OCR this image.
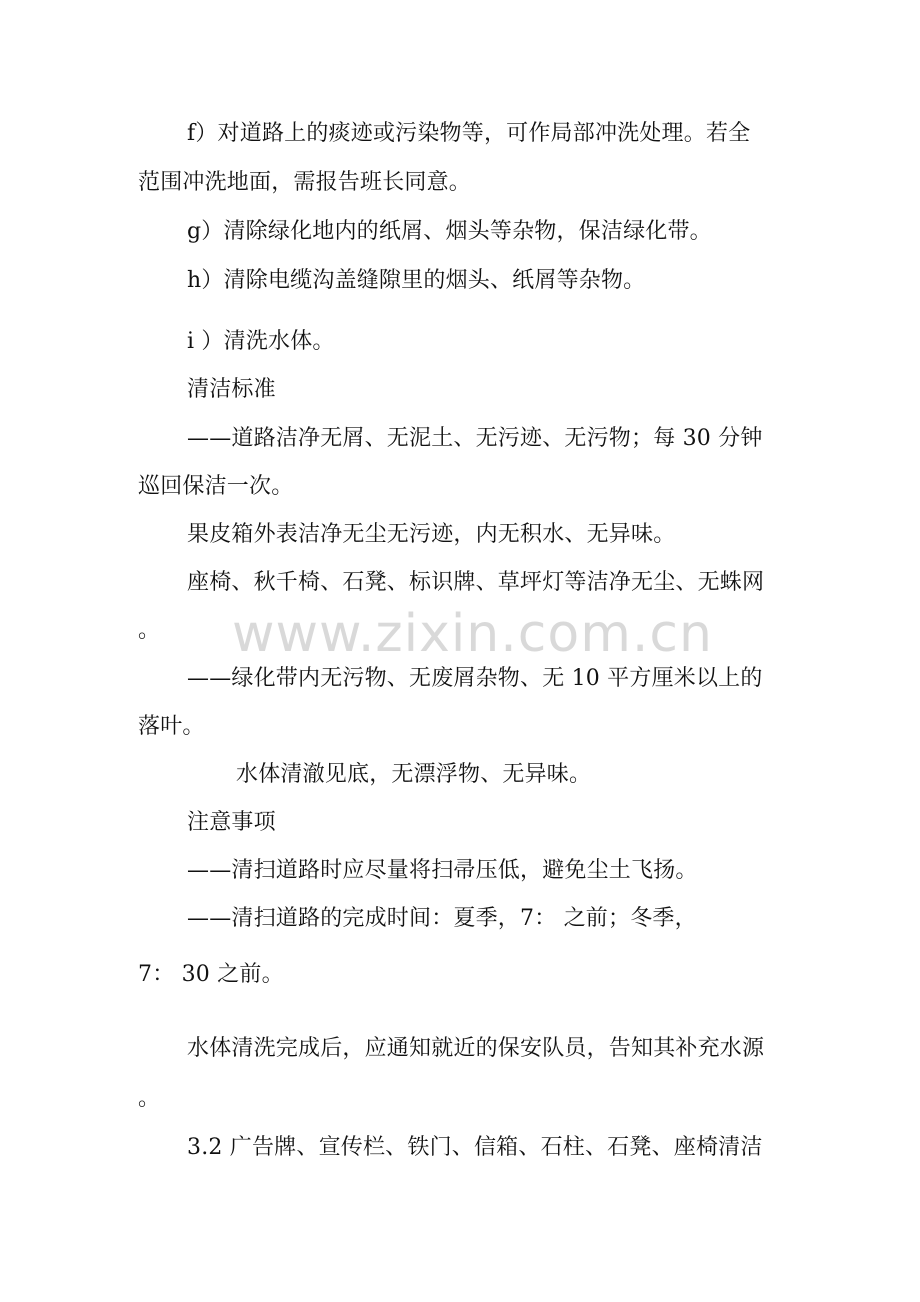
f）对道路上的痰迹或污染物等，可作局部冲洗处理。若全
范围冲洗地面，需报告班长同意。
g）清除绿化地内的纸屑、烟头等杂物，保洁绿化带。
h）清除电缆沟盖缝隙里的烟头、纸屑等杂物。
i ）清洗水体。
清洁标准
——道路洁净无屑、无泥土、无污迹、无污物；每 30 分钟
巡回保洁一次。
果皮箱外表洁净无尘无污迹，内无积水、无异味。
座椅、秋千椅、石凳、标识牌、草坪灯等洁净无尘、无蛛网
。
——绿化带内无污物、无废屑杂物、无 10 平方厘米以上的
落叶。
水体清澈见底，无漂浮物、无异味。
注意事项
——清扫道路时应尽量将扫帚压低，避免尘土飞扬。
——清扫道路的完成时间：夏季，7： 之前；冬季，
7： 30 之前。
水体清洗完成后，应通知就近的保安队员，告知其补充水源
。
3.2 广告牌、宣传栏、铁门、信箱、石柱、石凳、座椅清洁
www.zixin.com.cn
